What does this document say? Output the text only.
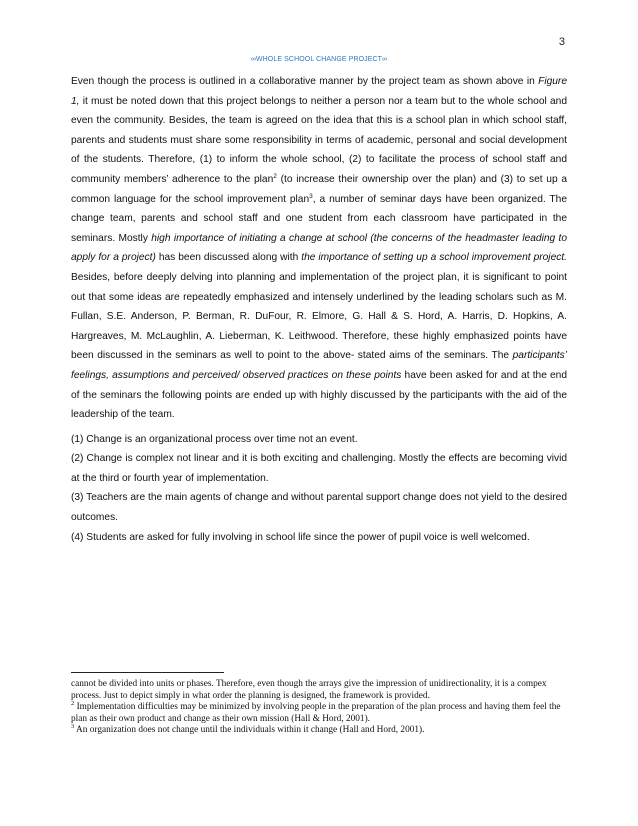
3
∞WHOLE SCHOOL CHANGE PROJECT∞

Even though the process is outlined in a collaborative manner by the project team as shown above in Figure 1, it must be noted down that this project belongs to neither a person nor a team but to the whole school and even the community. Besides, the team is agreed on the idea that this is a school plan in which school staff, parents and students must share some responsibility in terms of academic, personal and social development of the students. Therefore, (1) to inform the whole school, (2) to facilitate the process of school staff and community members’ adherence to the plan$^2$ (to increase their ownership over the plan) and (3) to set up a common language for the school improvement plan$^3$, a number of seminar days have been organized. The change team, parents and school staff and one student from each classroom have participated in the seminars. Mostly high importance of initiating a change at school (the concerns of the headmaster leading to apply for a project) has been discussed along with the importance of setting up a school improvement project. Besides, before deeply delving into planning and implementation of the project plan, it is significant to point out that some ideas are repeatedly emphasized and intensely underlined by the leading scholars such as M. Fullan, S.E. Anderson, P. Berman, R. DuFour, R. Elmore, G. Hall & S. Hord, A. Harris, D. Hopkins, A. Hargreaves, M. McLaughlin, A. Lieberman, K. Leithwood. Therefore, these highly emphasized points have been discussed in the seminars as well to point to the above- stated aims of the seminars. The participants’ feelings, assumptions and perceived/ observed practices on these points have been asked for and at the end of the seminars the following points are ended up with highly discussed by the participants with the aid of the leadership of the team.

(1) Change is an organizational process over time not an event.

(2) Change is complex not linear and it is both exciting and challenging. Mostly the effects are becoming vivid at the third or fourth year of implementation.

(3) Teachers are the main agents of change and without parental support change does not yield to the desired outcomes.

(4) Students are asked for fully involving in school life since the power of pupil voice is well welcomed.

cannot be divided into units or phases. Therefore, even though the arrays give the impression of unidirectionality, it is a compex process. Just to depict simply in what order the planning is designed, the framework is provided.

$^2$ Implementation difficulties may be minimized by involving people in the preparation of the plan process and having them feel the plan as their own product and change as their own mission (Hall & Hord, 2001).

$^3$ An organization does not change until the individuals within it change (Hall and Hord, 2001).
